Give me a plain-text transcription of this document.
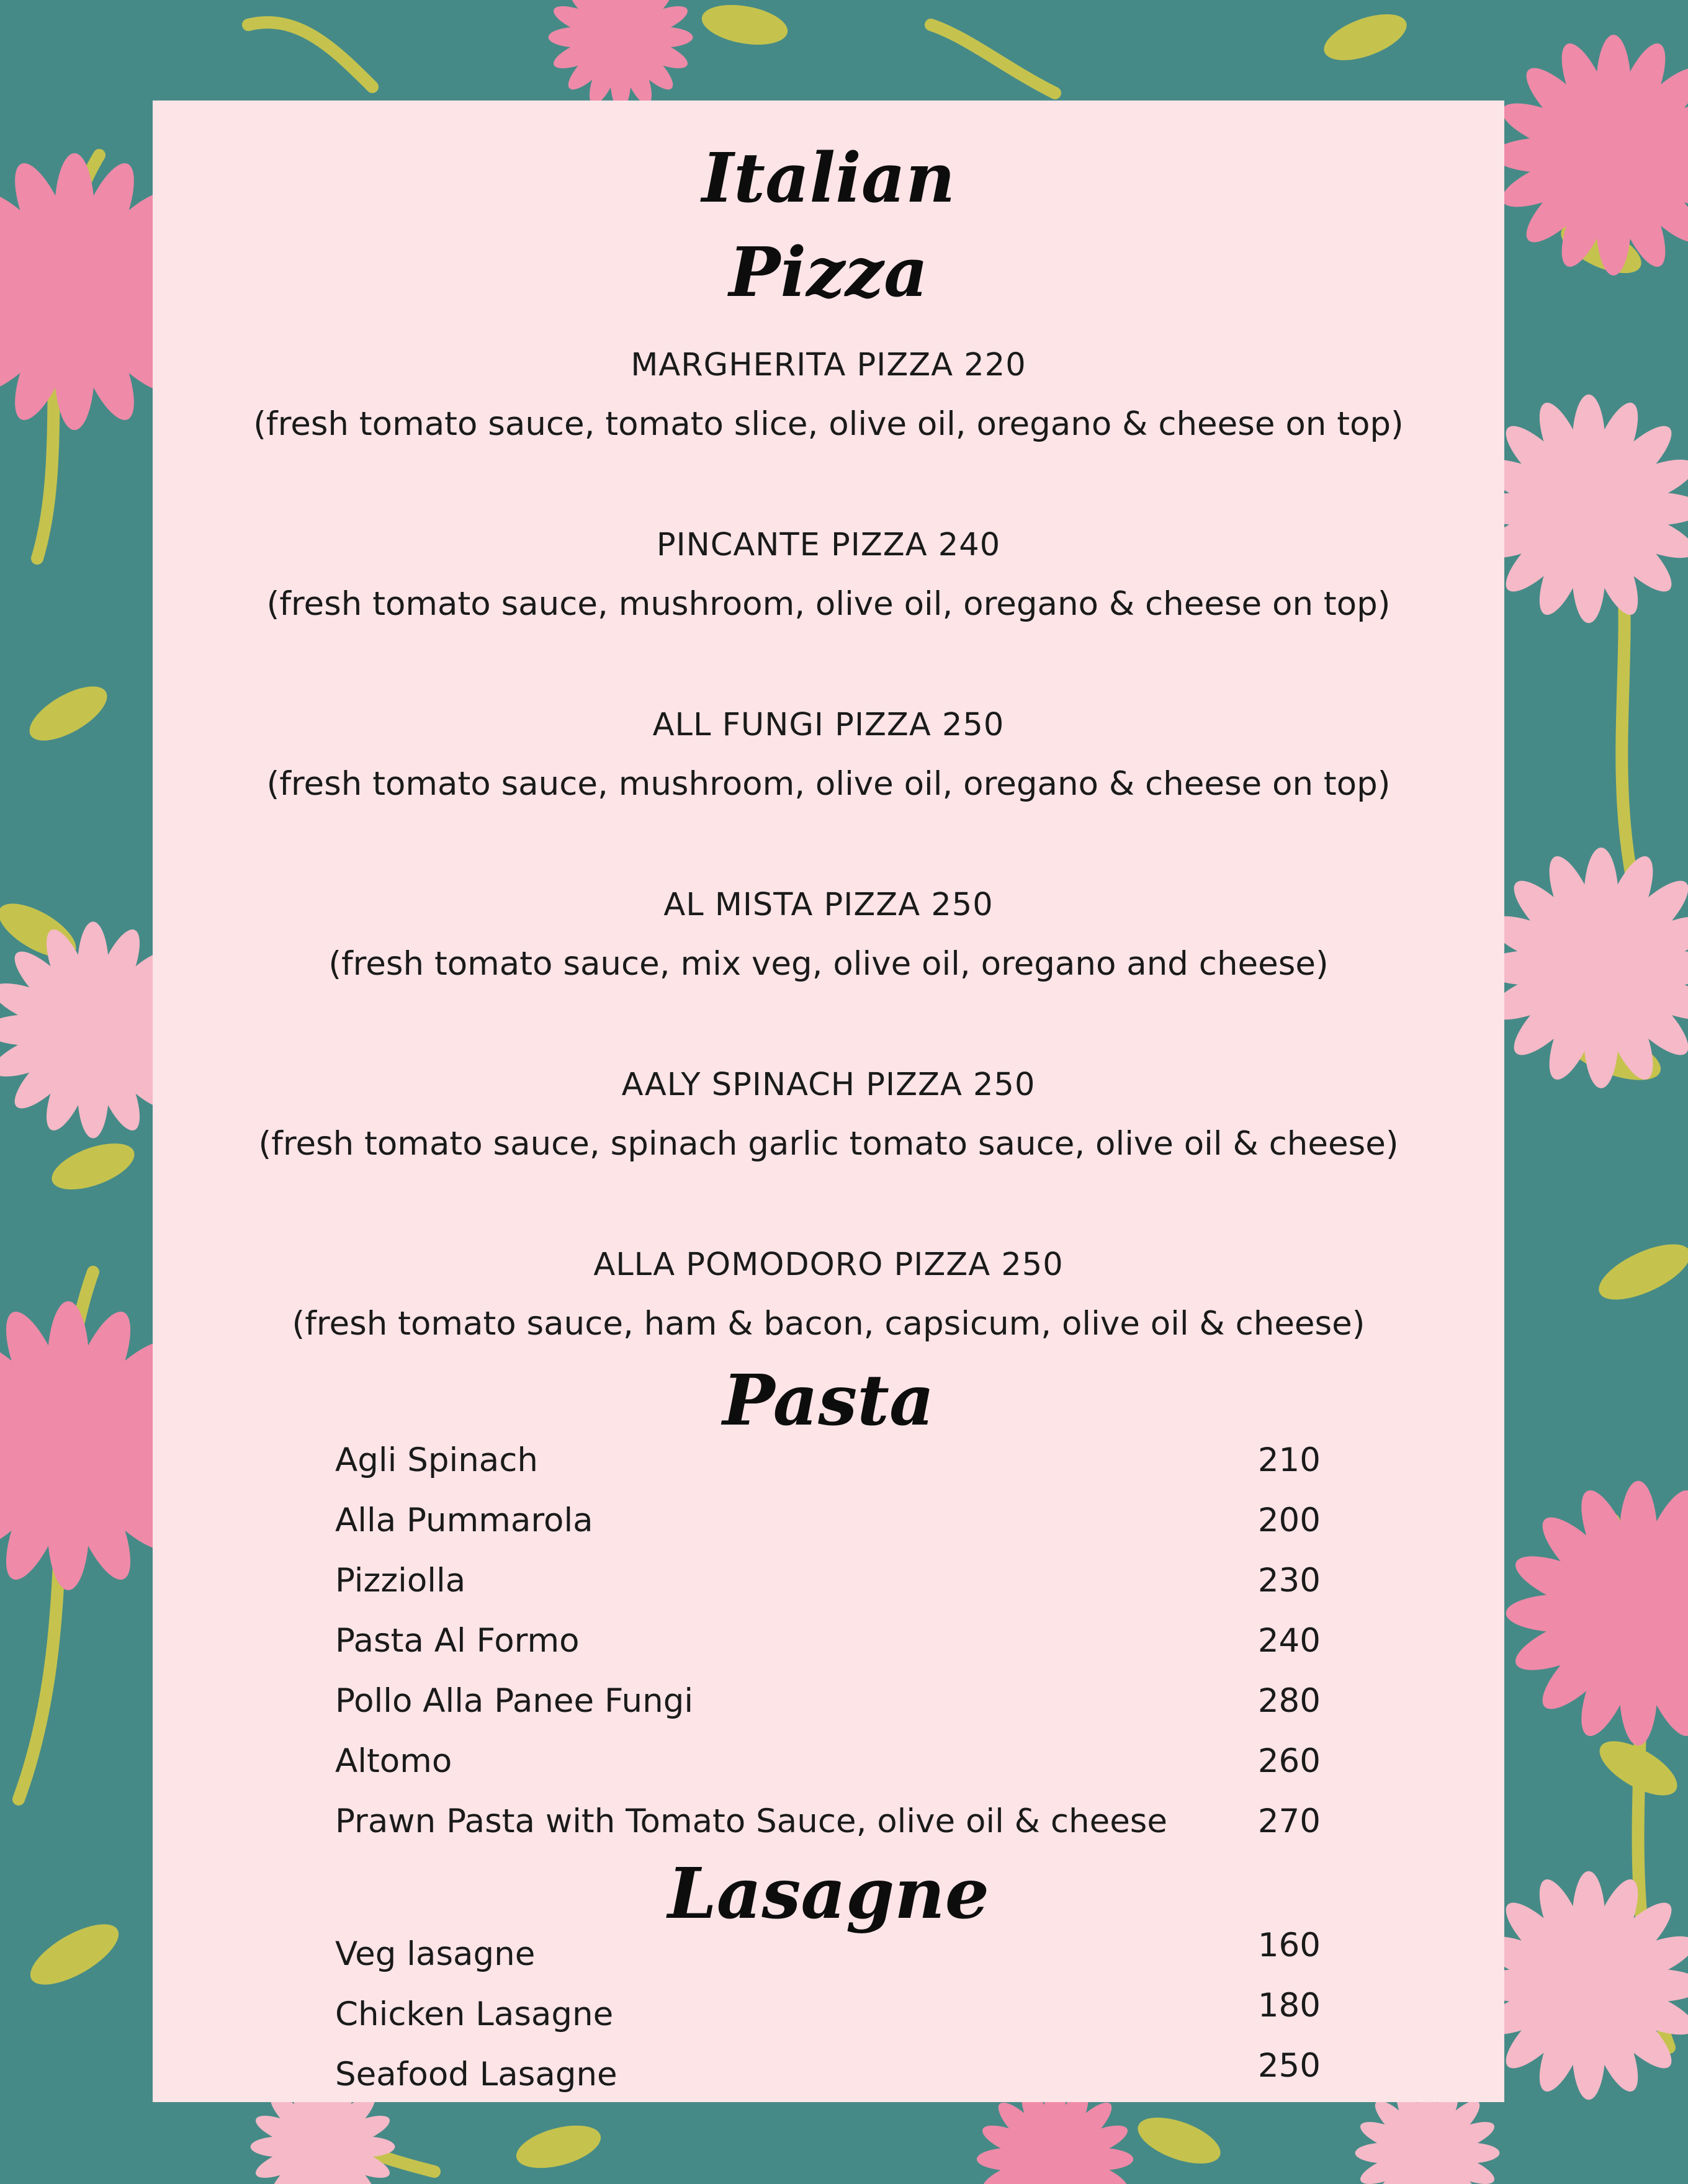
Italian
Pizza
MARGHERITA PIZZA 220
(fresh tomato sauce, tomato slice, olive oil, oregano & cheese on top)
PINCANTE PIZZA 240
(fresh tomato sauce, mushroom, olive oil, oregano & cheese on top)
ALL FUNGI PIZZA 250
(fresh tomato sauce, mushroom, olive oil, oregano & cheese on top)
AL MISTA PIZZA 250
(fresh tomato sauce, mix veg, olive oil, oregano and cheese)
AALY SPINACH PIZZA 250
(fresh tomato sauce, spinach garlic tomato sauce, olive oil & cheese)
ALLA POMODORO PIZZA 250
(fresh tomato sauce, ham & bacon, capsicum, olive oil & cheese)
Pasta
Agli Spinach	210
Alla Pummarola	200
Pizziolla	230
Pasta Al Formo	240
Pollo Alla Panee Fungi	280
Altomo	260
Prawn Pasta with Tomato Sauce, olive oil & cheese	270
Lasagne
Veg lasagne	160
Chicken Lasagne	180
Seafood Lasagne	250
